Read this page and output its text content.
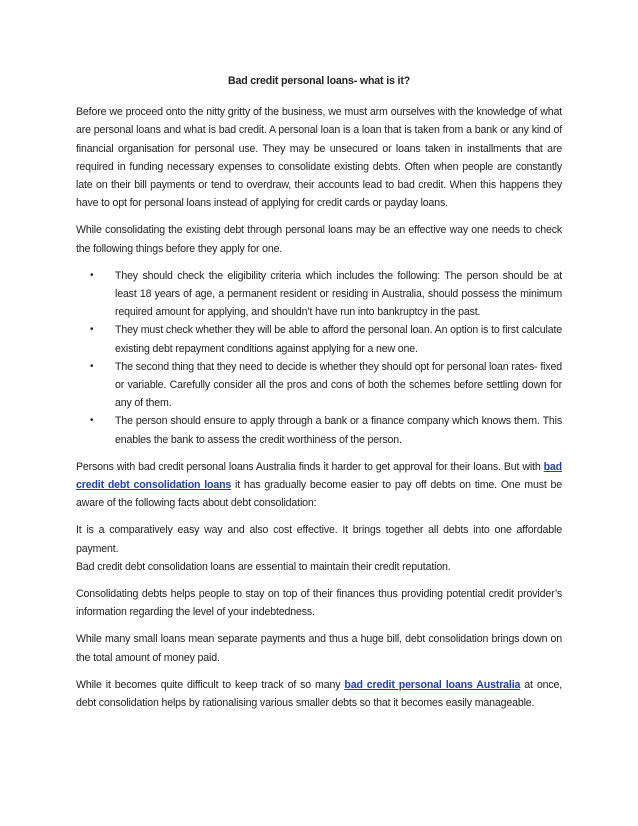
Bad credit personal loans- what is it?

Before we proceed onto the nitty gritty of the business, we must arm ourselves with the knowledge of what are personal loans and what is bad credit. A personal loan is a loan that is taken from a bank or any kind of financial organisation for personal use. They may be unsecured or loans taken in installments that are required in funding necessary expenses to consolidate existing debts. Often when people are constantly late on their bill payments or tend to overdraw, their accounts lead to bad credit. When this happens they have to opt for personal loans instead of applying for credit cards or payday loans.

While consolidating the existing debt through personal loans may be an effective way one needs to check the following things before they apply for one.

• They should check the eligibility criteria which includes the following: The person should be at least 18 years of age, a permanent resident or residing in Australia, should possess the minimum required amount for applying, and shouldn’t have run into bankruptcy in the past.
• They must check whether they will be able to afford the personal loan. An option is to first calculate existing debt repayment conditions against applying for a new one.
• The second thing that they need to decide is whether they should opt for personal loan rates- fixed or variable. Carefully consider all the pros and cons of both the schemes before settling down for any of them.
• The person should ensure to apply through a bank or a finance company which knows them. This enables the bank to assess the credit worthiness of the person.

Persons with bad credit personal loans Australia finds it harder to get approval for their loans. But with bad credit debt consolidation loans it has gradually become easier to pay off debts on time. One must be aware of the following facts about debt consolidation:

It is a comparatively easy way and also cost effective. It brings together all debts into one affordable payment.

Bad credit debt consolidation loans are essential to maintain their credit reputation.

Consolidating debts helps people to stay on top of their finances thus providing potential credit provider’s information regarding the level of your indebtedness.

While many small loans mean separate payments and thus a huge bill, debt consolidation brings down on the total amount of money paid.

While it becomes quite difficult to keep track of so many bad credit personal loans Australia at once, debt consolidation helps by rationalising various smaller debts so that it becomes easily manageable.
